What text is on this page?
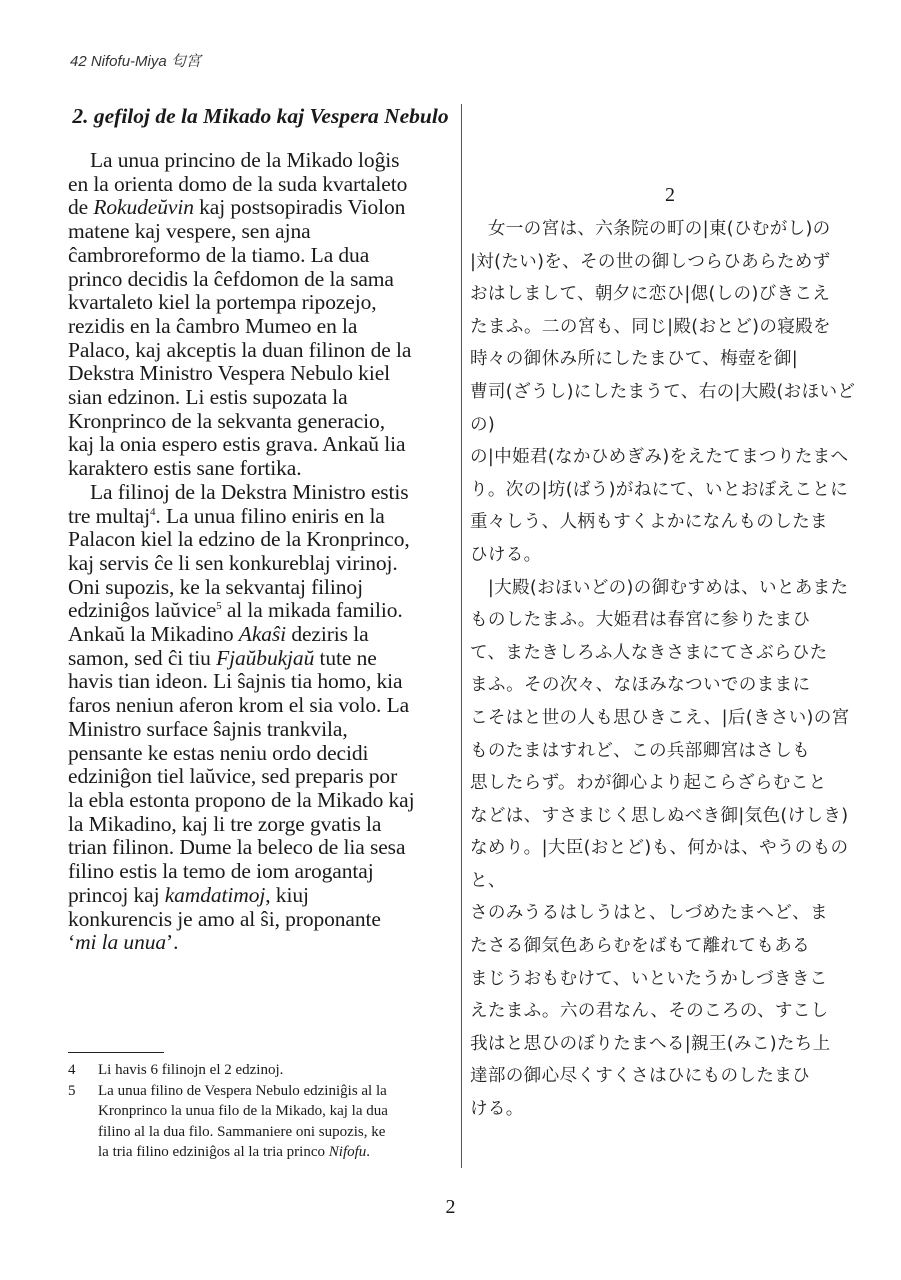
42 Nifofu-Miya 匂宮
2. gefiloj de la Mikado kaj Vespera Nebulo

La unua princino de la Mikado loĝis
en la orienta domo de la suda kvartaleto
de Rokudeŭvin kaj postsopiradis Violon
matene kaj vespere, sen ajna
ĉambroreformo de la tiamo. La dua
princo decidis la ĉefdomon de la sama
kvartaleto kiel la portempa ripozejo,
rezidis en la ĉambro Mumeo en la
Palaco, kaj akceptis la duan filinon de la
Dekstra Ministro Vespera Nebulo kiel
sian edzinon. Li estis supozata la
Kronprinco de la sekvanta generacio,
kaj la onia espero estis grava. Ankaŭ lia
karaktero estis sane fortika.

La filinoj de la Dekstra Ministro estis
tre multaj$^4$. La unua filino eniris en la
Palacon kiel la edzino de la Kronprinco,
kaj servis ĉe li sen konkureblaj virinoj.
Oni supozis, ke la sekvantaj filinoj
edziniĝos laŭvice$^5$ al la mikada familio.
Ankaŭ la Mikadino Akaŝi deziris la
samon, sed ĉi tiu Fjaŭbukjaŭ tute ne
havis tian ideon. Li ŝajnis tia homo, kia
faros neniun aferon krom el sia volo. La
Ministro surface ŝajnis trankvila,
pensante ke estas neniu ordo decidi
edziniĝon tiel laŭvice, sed preparis por
la ebla estonta propono de la Mikado kaj
la Mikadino, kaj li tre zorge gvatis la
trian filinon. Dume la beleco de lia sesa
filino estis la temo de iom arogantaj
princoj kaj kamdatimoj, kiuj
konkurencis je amo al ŝi, proponante
‘mi la unua’.

2

　女一の宮は、六条院の町の|東(ひむがし)の
|対(たい)を、その世の御しつらひあらためず
おはしまして、朝夕に恋ひ|偲(しの)びきこえ
たまふ。二の宮も、同じ|殿(おとど)の寝殿を
時々の御休み所にしたまひて、梅壺を御|
曹司(ざうし)にしたまうて、右の|大殿(おほいどの)
の|中姫君(なかひめぎみ)をえたてまつりたまへ
り。次の|坊(ばう)がねにて、いとおぼえことに
重々しう、人柄もすくよかになんものしたま
ひける。

　|大殿(おほいどの)の御むすめは、いとあまた
ものしたまふ。大姫君は春宮に参りたまひ
て、またきしろふ人なきさまにてさぶらひた
まふ。その次々、なほみなついでのままに
こそはと世の人も思ひきこえ、|后(きさい)の宮
ものたまはすれど、この兵部卿宮はさしも
思したらず。わが御心より起こらざらむこと
などは、すさまじく思しぬべき御|気色(けしき)
なめり。|大臣(おとど)も、何かは、やうのものと、
さのみうるはしうはと、しづめたまへど、ま
たさる御気色あらむをばもて離れてもある
まじうおもむけて、いといたうかしづききこ
えたまふ。六の君なん、そのころの、すこし
我はと思ひのぼりたまへる|親王(みこ)たち上
達部の御心尽くすくさはひにものしたまひ
ける。

4	Li havis 6 filinojn el 2 edzinoj.
5	La unua filino de Vespera Nebulo edziniĝis al la
Kronprinco la unua filo de la Mikado, kaj la dua
filino al la dua filo. Sammaniere oni supozis, ke
la tria filino edziniĝos al la tria princo Nifofu.
2
